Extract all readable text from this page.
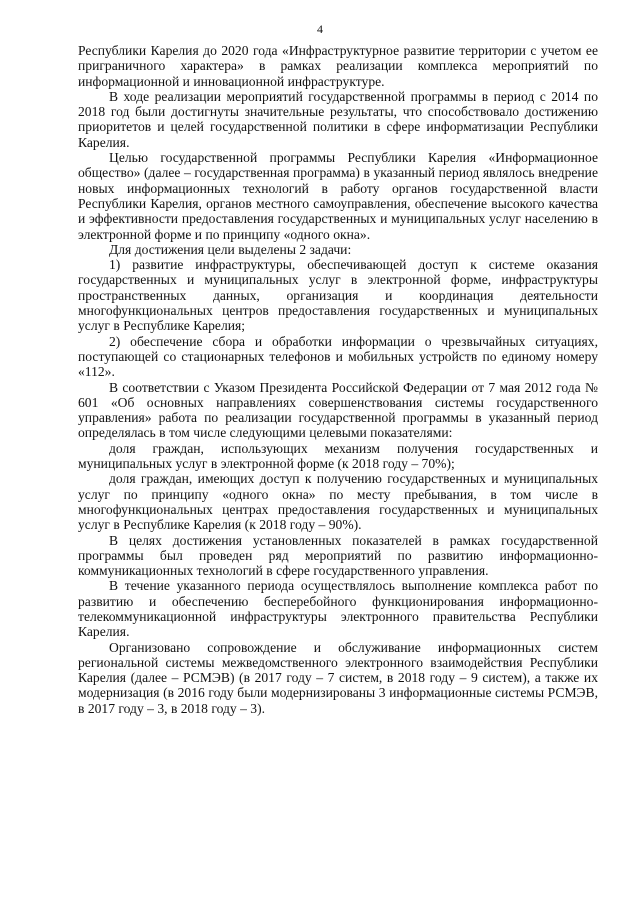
4

Республики Карелия до 2020 года «Инфраструктурное развитие территории с учетом ее приграничного характера» в рамках реализации комплекса мероприятий по информационной и инновационной инфраструктуре.

В ходе реализации мероприятий государственной программы в период с 2014 по 2018 год были достигнуты значительные результаты, что способствовало достижению приоритетов и целей государственной политики в сфере информатизации Республики Карелия.

Целью государственной программы Республики Карелия «Информационное общество» (далее – государственная программа) в указанный период являлось внедрение новых информационных технологий в работу органов государственной власти Республики Карелия, органов местного самоуправления, обеспечение высокого качества и эффективности предоставления государственных и муниципальных услуг населению в электронной форме и по принципу «одного окна».

Для достижения цели выделены 2 задачи:

1) развитие инфраструктуры, обеспечивающей доступ к системе оказания государственных и муниципальных услуг в электронной форме, инфраструктуры пространственных данных, организация и координация деятельности многофункциональных центров предоставления государственных и муниципальных услуг в Республике Карелия;

2) обеспечение сбора и обработки информации о чрезвычайных ситуациях, поступающей со стационарных телефонов и мобильных устройств по единому номеру «112».

В соответствии с Указом Президента Российской Федерации от 7 мая 2012 года № 601 «Об основных направлениях совершенствования системы государственного управления» работа по реализации государственной программы в указанный период определялась в том числе следующими целевыми показателями:

доля граждан, использующих механизм получения государственных и муниципальных услуг в электронной форме (к 2018 году – 70%);

доля граждан, имеющих доступ к получению государственных и муниципальных услуг по принципу «одного окна» по месту пребывания, в том числе в многофункциональных центрах предоставления государственных и муниципальных услуг в Республике Карелия (к 2018 году – 90%).

В целях достижения установленных показателей в рамках государственной программы был проведен ряд мероприятий по развитию информационно-коммуникационных технологий в сфере государственного управления.

В течение указанного периода осуществлялось выполнение комплекса работ по развитию и обеспечению бесперебойного функционирования информационно-телекоммуникационной инфраструктуры электронного правительства Республики Карелия.

Организовано сопровождение и обслуживание информационных систем региональной системы межведомственного электронного взаимодействия Республики Карелия (далее – РСМЭВ) (в 2017 году – 7 систем, в 2018 году – 9 систем), а также их модернизация (в 2016 году были модернизированы 3 информационные системы РСМЭВ, в 2017 году – 3, в 2018 году – 3).
